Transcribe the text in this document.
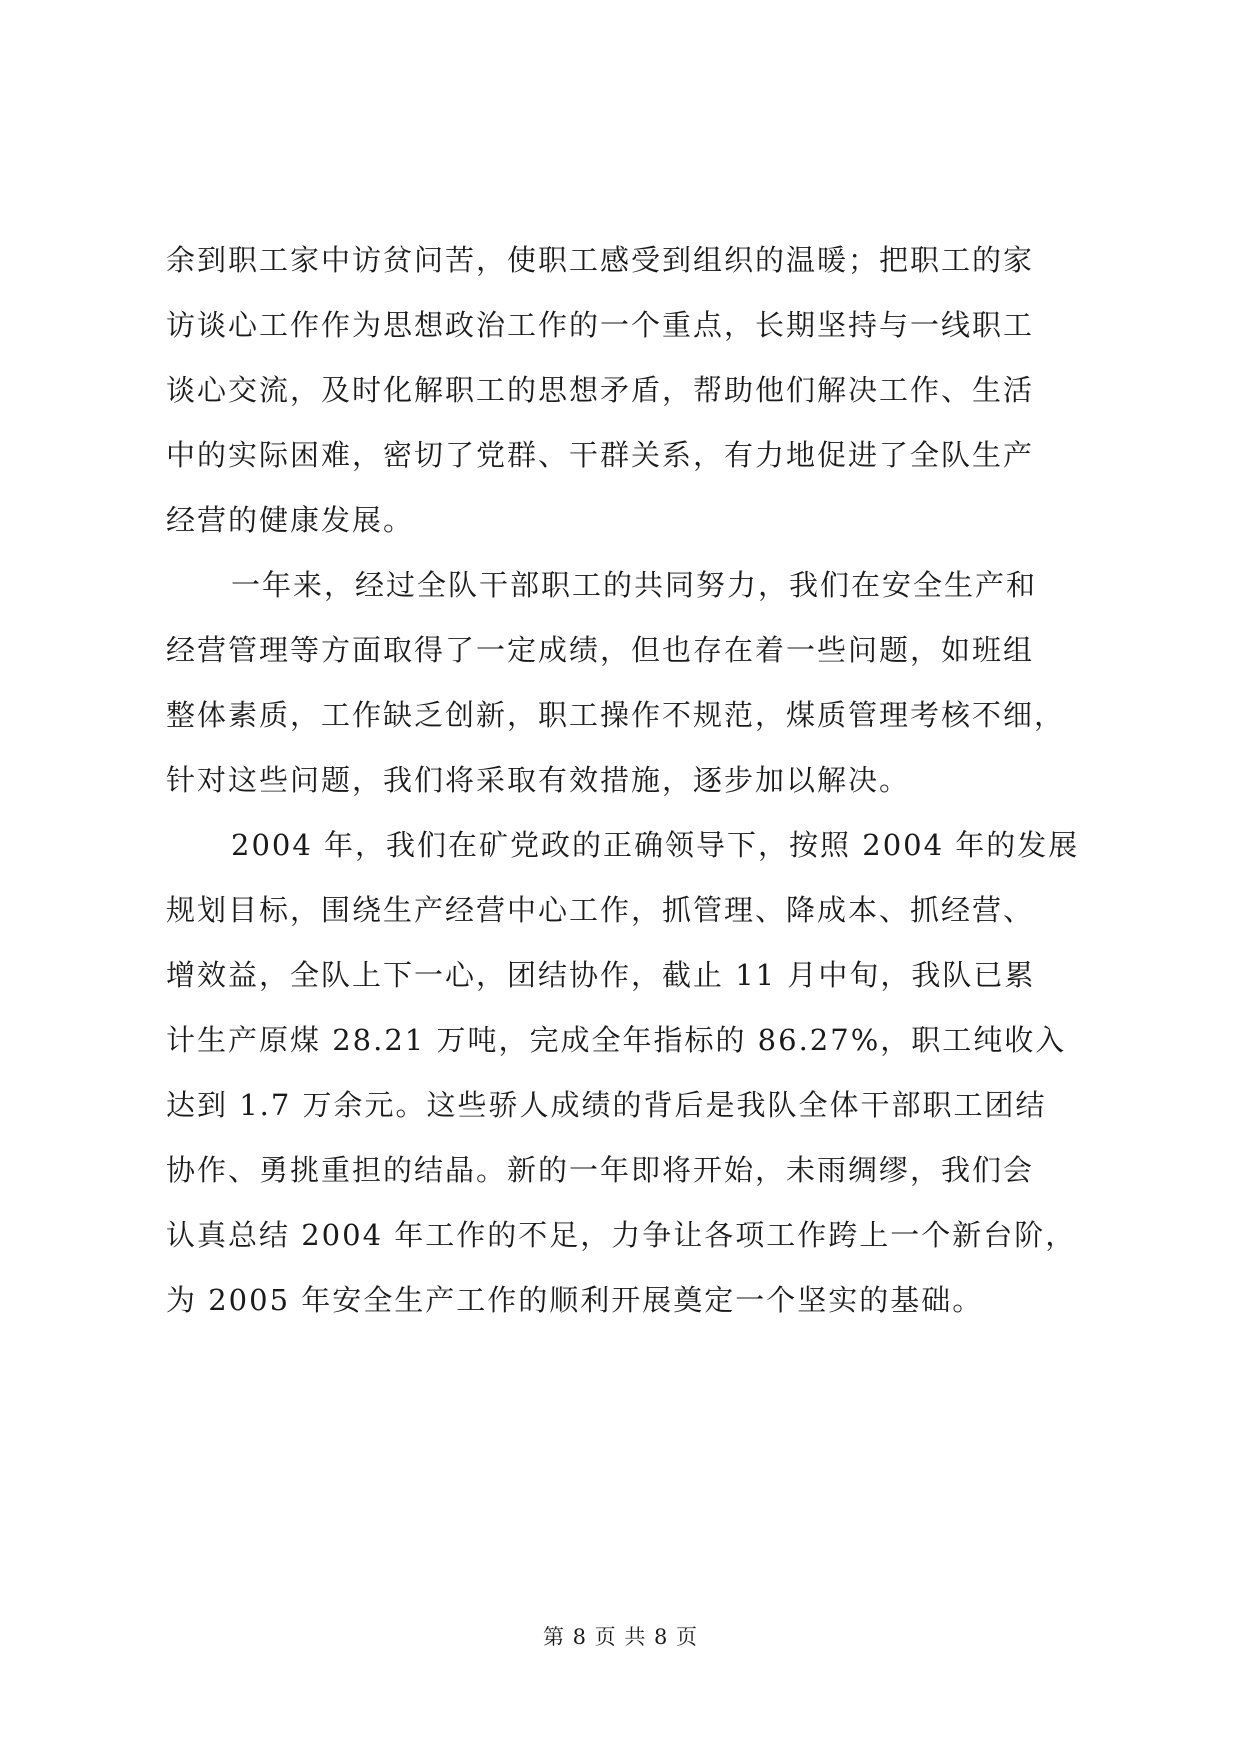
余到职工家中访贫问苦，使职工感受到组织的温暖；把职工的家
访谈心工作作为思想政治工作的一个重点，长期坚持与一线职工
谈心交流，及时化解职工的思想矛盾，帮助他们解决工作、生活
中的实际困难，密切了党群、干群关系，有力地促进了全队生产
经营的健康发展。
一年来，经过全队干部职工的共同努力，我们在安全生产和
经营管理等方面取得了一定成绩，但也存在着一些问题，如班组
整体素质，工作缺乏创新，职工操作不规范，煤质管理考核不细，
针对这些问题，我们将采取有效措施，逐步加以解决。
2004 年，我们在矿党政的正确领导下，按照 2004 年的发展
规划目标，围绕生产经营中心工作，抓管理、降成本、抓经营、
增效益，全队上下一心，团结协作，截止 11 月中旬，我队已累
计生产原煤 28.21 万吨，完成全年指标的 86.27%，职工纯收入
达到 1.7 万余元。这些骄人成绩的背后是我队全体干部职工团结
协作、勇挑重担的结晶。新的一年即将开始，未雨绸缪，我们会
认真总结 2004 年工作的不足，力争让各项工作跨上一个新台阶，
为 2005 年安全生产工作的顺利开展奠定一个坚实的基础。
第 8 页 共 8 页
